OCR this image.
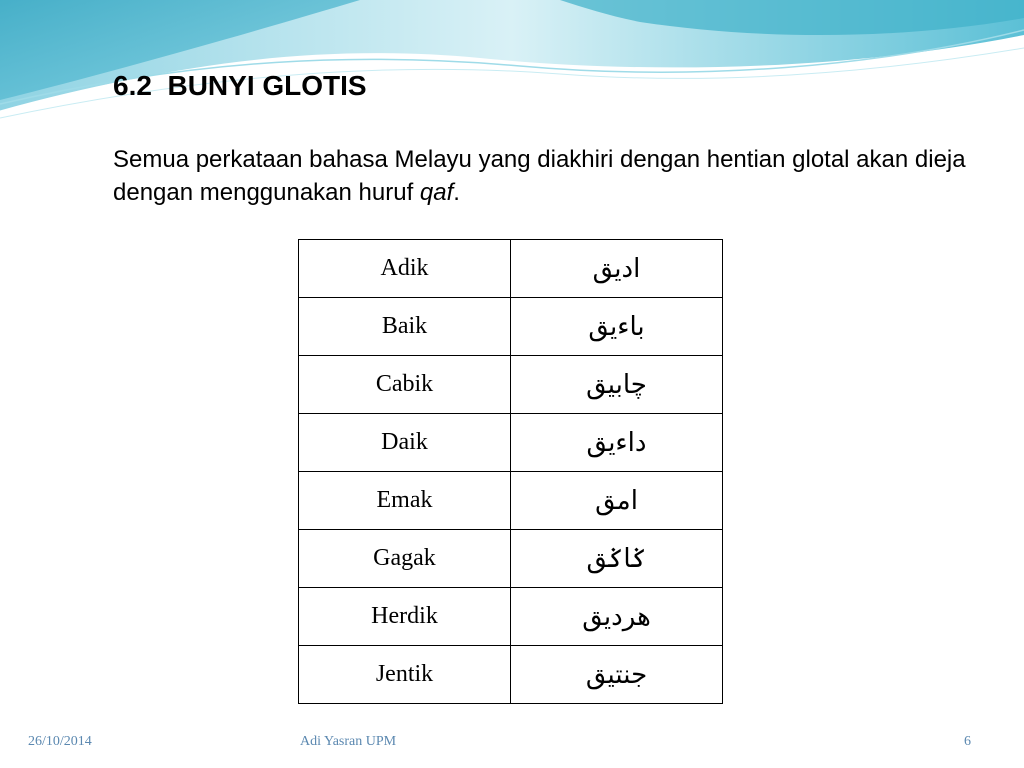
6.2  BUNYI GLOTIS

Semua perkataan bahasa Melayu yang diakhiri dengan hentian glotal akan dieja dengan menggunakan huruf qaf.

Adik	اديق
Baik	باءيق
Cabik	چابيق
Daik	داءيق
Emak	امق
Gagak	ݢاݢق
Herdik	هرديق
Jentik	جنتيق
26/10/2014	Adi Yasran UPM	6
